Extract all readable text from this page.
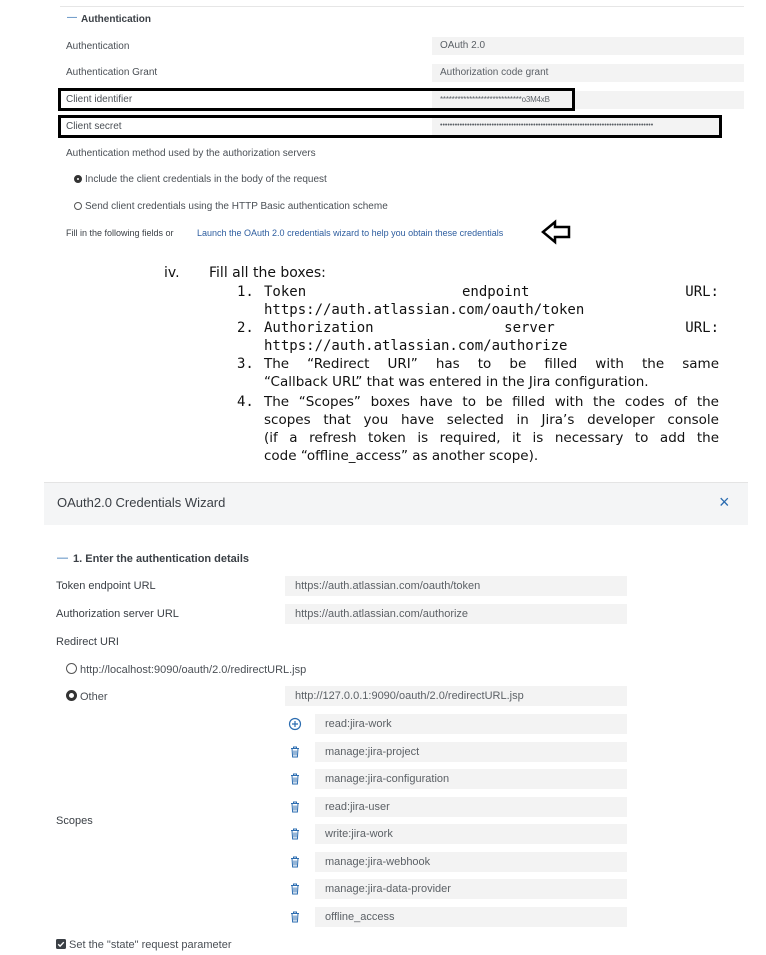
— Authentication
Authentication	OAuth 2.0
Authentication Grant	Authorization code grant
Client identifier	****************************o3M4xB
Client secret	•••••••••••••••••••••••••••••••••••••••••••••••••••••••••••••••••••••••••••••••••••••••
Authentication method used by the authorization servers
Include the client credentials in the body of the request
Send client credentials using the HTTP Basic authentication scheme
Fill in the following fields or	Launch the OAuth 2.0 credentials wizard to help you obtain these credentials
iv. Fill all the boxes:
1. Token endpoint URL:
https://auth.atlassian.com/oauth/token
2. Authorization server URL:
https://auth.atlassian.com/authorize
3. The “Redirect URI” has to be filled with the same
“Callback URL” that was entered in the Jira configuration.
4. The “Scopes” boxes have to be filled with the codes of the
scopes that you have selected in Jira’s developer console
(if a refresh token is required, it is necessary to add the
code “offline_access” as another scope).
OAuth2.0 Credentials Wizard	×
— 1. Enter the authentication details
Token endpoint URL	https://auth.atlassian.com/oauth/token
Authorization server URL	https://auth.atlassian.com/authorize
Redirect URI
http://localhost:9090/oauth/2.0/redirectURL.jsp
Other	http://127.0.0.1:9090/oauth/2.0/redirectURL.jsp
Scopes
read:jira-work
manage:jira-project
manage:jira-configuration
read:jira-user
write:jira-work
manage:jira-webhook
manage:jira-data-provider
offline_access
Set the "state" request parameter
